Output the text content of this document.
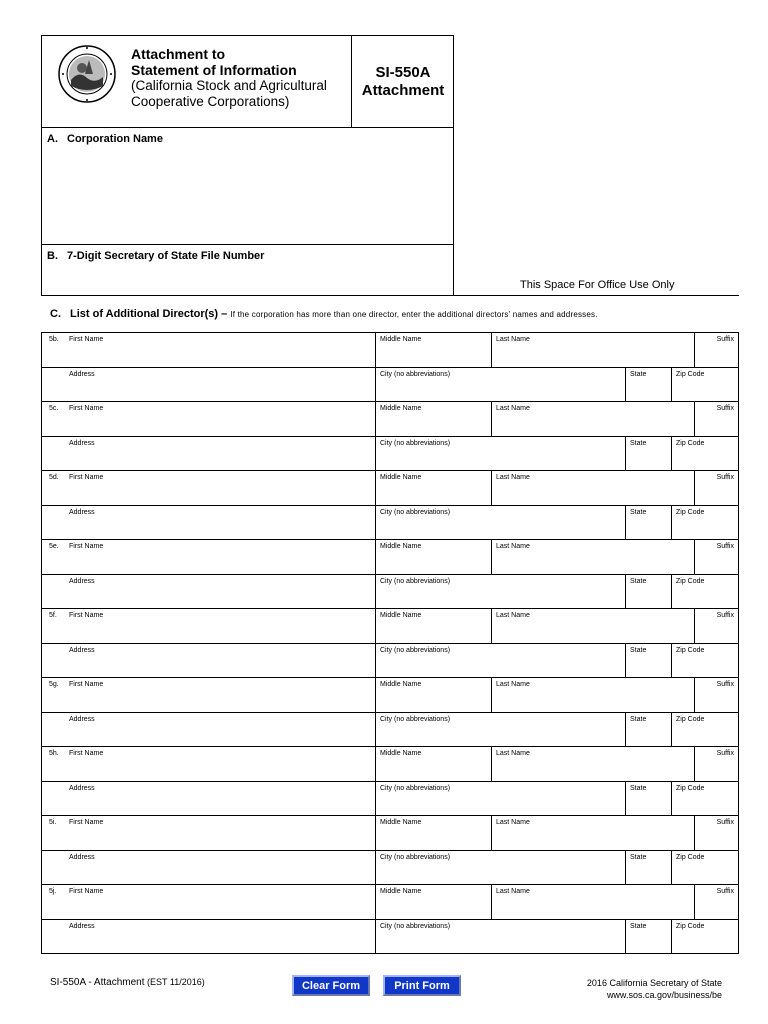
Attachment to
Statement of Information
(California Stock and Agricultural
Cooperative Corporations)
SI-550A
Attachment
A. Corporation Name
B. 7-Digit Secretary of State File Number
This Space For Office Use Only
C. List of Additional Director(s) – If the corporation has more than one director, enter the additional directors' names and addresses.
5b.	First Name	Middle Name	Last Name	Suffix
Address	City (no abbreviations)	State	Zip Code
5c.	First Name	Middle Name	Last Name	Suffix
Address	City (no abbreviations)	State	Zip Code
5d.	First Name	Middle Name	Last Name	Suffix
Address	City (no abbreviations)	State	Zip Code
5e.	First Name	Middle Name	Last Name	Suffix
Address	City (no abbreviations)	State	Zip Code
5f.	First Name	Middle Name	Last Name	Suffix
Address	City (no abbreviations)	State	Zip Code
5g.	First Name	Middle Name	Last Name	Suffix
Address	City (no abbreviations)	State	Zip Code
5h.	First Name	Middle Name	Last Name	Suffix
Address	City (no abbreviations)	State	Zip Code
5i.	First Name	Middle Name	Last Name	Suffix
Address	City (no abbreviations)	State	Zip Code
5j.	First Name	Middle Name	Last Name	Suffix
Address	City (no abbreviations)	State	Zip Code
SI-550A - Attachment (EST 11/2016)	Clear Form	Print Form	2016 California Secretary of State
www.sos.ca.gov/business/be
